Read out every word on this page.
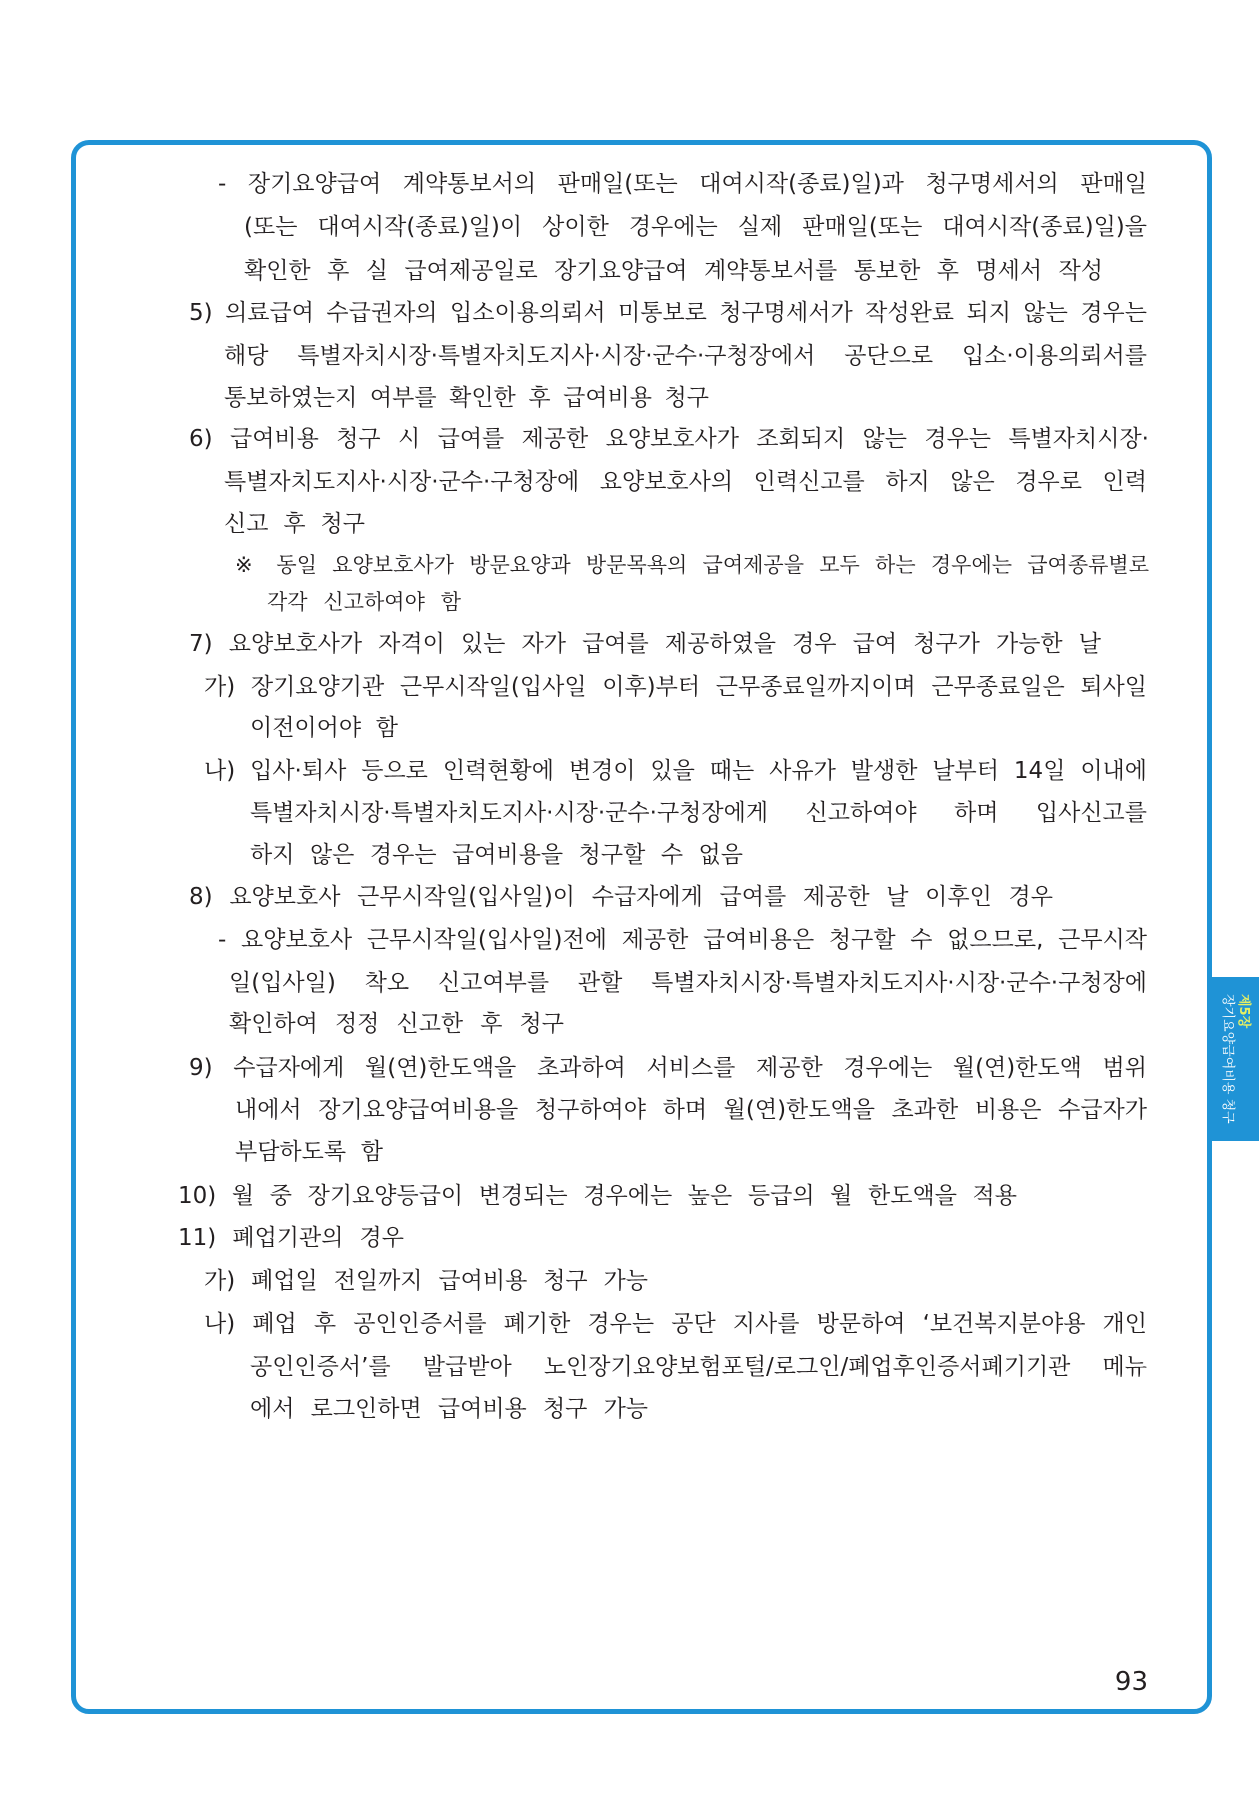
- 장기요양급여 계약통보서의 판매일(또는 대여시작(종료)일)과 청구명세서의 판매일
(또는 대여시작(종료)일)이 상이한 경우에는 실제 판매일(또는 대여시작(종료)일)을
확인한 후 실 급여제공일로 장기요양급여 계약통보서를 통보한 후 명세서 작성
5) 의료급여 수급권자의 입소이용의뢰서 미통보로 청구명세서가 작성완료 되지 않는 경우는
해당 특별자치시장·특별자치도지사·시장·군수·구청장에서 공단으로 입소·이용의뢰서를
통보하였는지 여부를 확인한 후 급여비용 청구
6) 급여비용 청구 시 급여를 제공한 요양보호사가 조회되지 않는 경우는 특별자치시장·
특별자치도지사·시장·군수·구청장에 요양보호사의 인력신고를 하지 않은 경우로 인력
신고 후 청구
※ 동일 요양보호사가 방문요양과 방문목욕의 급여제공을 모두 하는 경우에는 급여종류별로
각각 신고하여야 함
7) 요양보호사가 자격이 있는 자가 급여를 제공하였을 경우 급여 청구가 가능한 날
가) 장기요양기관 근무시작일(입사일 이후)부터 근무종료일까지이며 근무종료일은 퇴사일
이전이어야 함
나) 입사·퇴사 등으로 인력현황에 변경이 있을 때는 사유가 발생한 날부터 14일 이내에
특별자치시장·특별자치도지사·시장·군수·구청장에게 신고하여야 하며 입사신고를
하지 않은 경우는 급여비용을 청구할 수 없음
8) 요양보호사 근무시작일(입사일)이 수급자에게 급여를 제공한 날 이후인 경우
- 요양보호사 근무시작일(입사일)전에 제공한 급여비용은 청구할 수 없으므로, 근무시작
일(입사일) 착오 신고여부를 관할 특별자치시장·특별자치도지사·시장·군수·구청장에
확인하여 정정 신고한 후 청구
9) 수급자에게 월(연)한도액을 초과하여 서비스를 제공한 경우에는 월(연)한도액 범위
내에서 장기요양급여비용을 청구하여야 하며 월(연)한도액을 초과한 비용은 수급자가
부담하도록 함
10) 월 중 장기요양등급이 변경되는 경우에는 높은 등급의 월 한도액을 적용
11) 폐업기관의 경우
가) 폐업일 전일까지 급여비용 청구 가능
나) 폐업 후 공인인증서를 폐기한 경우는 공단 지사를 방문하여 ‘보건복지분야용 개인
공인인증서’를 발급받아 노인장기요양보험포털/로그인/폐업후인증서폐기기관 메뉴
에서 로그인하면 급여비용 청구 가능
93
제5장
장기요양급여비용 청구
